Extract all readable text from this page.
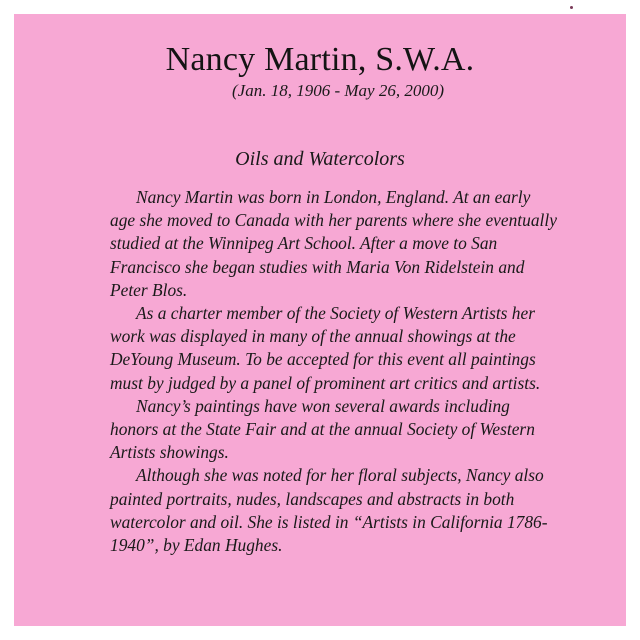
Nancy Martin, S.W.A.
(Jan. 18, 1906 - May 26, 2000)
Oils and Watercolors

Nancy Martin was born in London, England. At an early
age she moved to Canada with her parents where she eventually
studied at the Winnipeg Art School. After a move to San
Francisco she began studies with Maria Von Ridelstein and
Peter Blos.

As a charter member of the Society of Western Artists her
work was displayed in many of the annual showings at the
DeYoung Museum. To be accepted for this event all paintings
must by judged by a panel of prominent art critics and artists.

Nancy’s paintings have won several awards including
honors at the State Fair and at the annual Society of Western
Artists showings.

Although she was noted for her floral subjects, Nancy also
painted portraits, nudes, landscapes and abstracts in both
watercolor and oil. She is listed in “Artists in California 1786-
1940”, by Edan Hughes.
